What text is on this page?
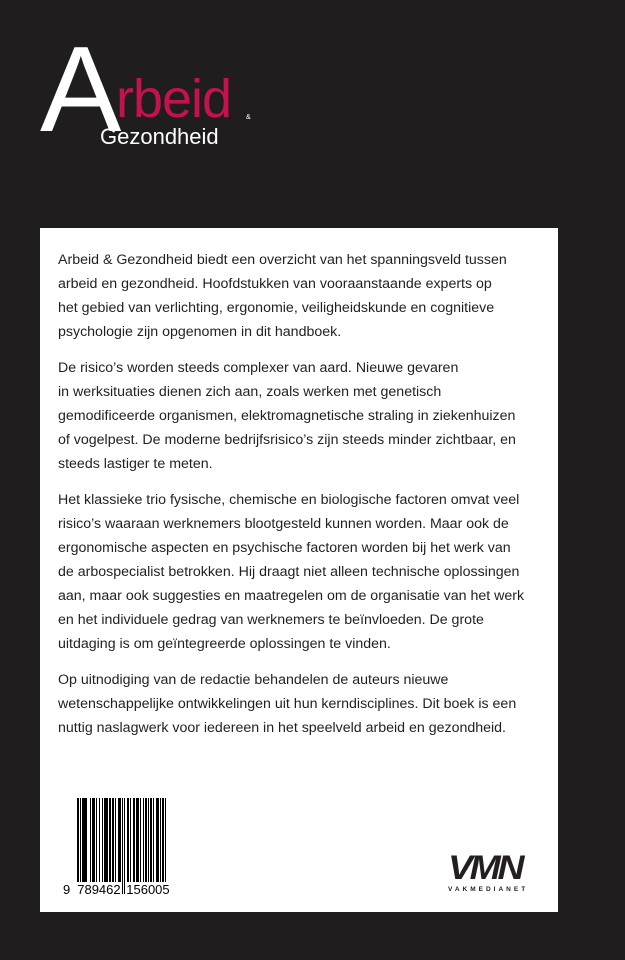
A
rbeid &
Gezondheid
Arbeid & Gezondheid biedt een overzicht van het spanningsveld tussen
arbeid en gezondheid. Hoofdstukken van vooraanstaande experts op
het gebied van verlichting, ergonomie, veiligheidskunde en cognitieve
psychologie zijn opgenomen in dit handboek.
De risico’s worden steeds complexer van aard. Nieuwe gevaren
in werksituaties dienen zich aan, zoals werken met genetisch
gemodificeerde organismen, elektromagnetische straling in ziekenhuizen
of vogelpest. De moderne bedrijfsrisico’s zijn steeds minder zichtbaar, en
steeds lastiger te meten.
Het klassieke trio fysische, chemische en biologische factoren omvat veel
risico’s waaraan werknemers blootgesteld kunnen worden. Maar ook de
ergonomische aspecten en psychische factoren worden bij het werk van
de arbospecialist betrokken. Hij draagt niet alleen technische oplossingen
aan, maar ook suggesties en maatregelen om de organisatie van het werk
en het individuele gedrag van werknemers te beïnvloeden. De grote
uitdaging is om geïntegreerde oplossingen te vinden.
Op uitnodiging van de redactie behandelen de auteurs nieuwe
wetenschappelijke ontwikkelingen uit hun kerndisciplines. Dit boek is een
nuttig naslagwerk voor iedereen in het speelveld arbeid en gezondheid.
9 789462 156005
VMN
VAKMEDIANET
